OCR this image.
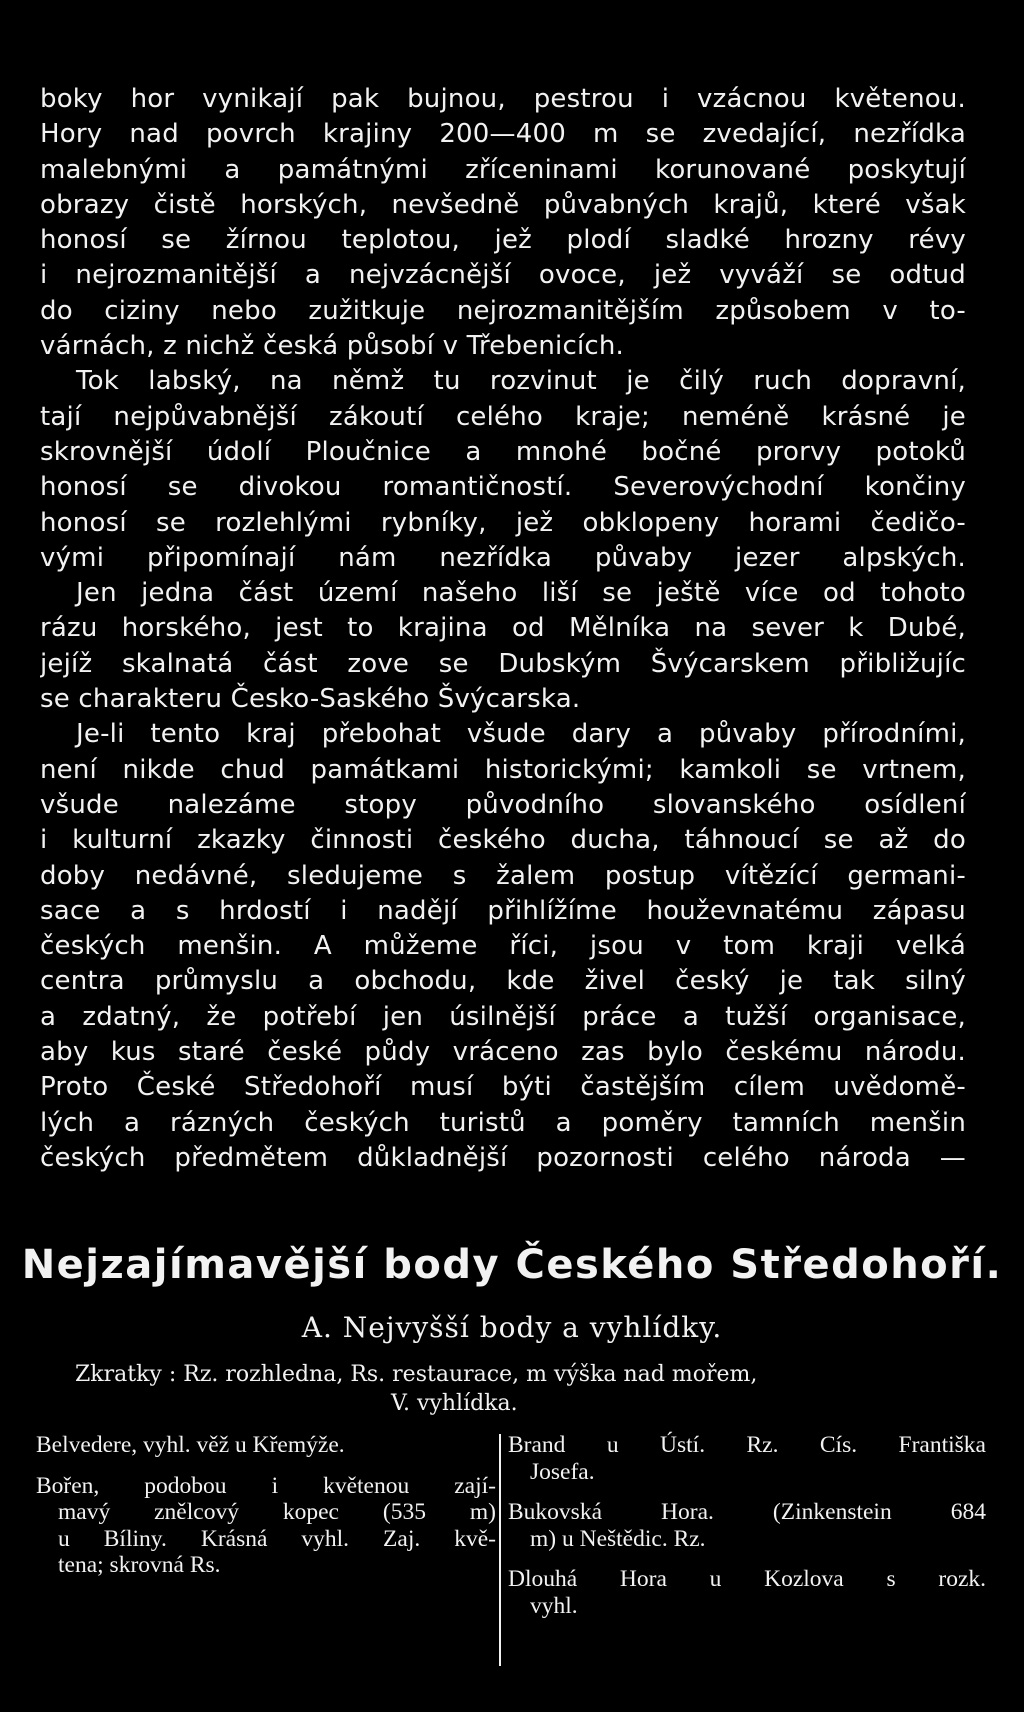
boky hor vynikají pak bujnou, pestrou i vzácnou květenou.
Hory nad povrch krajiny 200—400 m se zvedající, nezřídka
malebnými a památnými zříceninami korunované poskytují
obrazy čistě horských, nevšedně půvabných krajů, které však
honosí se žírnou teplotou, jež plodí sladké hrozny révy
i nejrozmanitější a nejvzácnější ovoce, jež vyváží se odtud
do ciziny nebo zužitkuje nejrozmanitějším způsobem v to-
várnách, z nichž česká působí v Třebenicích.
Tok labský, na němž tu rozvinut je čilý ruch dopravní,
tají nejpůvabnější zákoutí celého kraje; neméně krásné je
skrovnější údolí Ploučnice a mnohé bočné prorvy potoků
honosí se divokou romantičností. Severovýchodní končiny
honosí se rozlehlými rybníky, jež obklopeny horami čedičo-
vými připomínají nám nezřídka půvaby jezer alpských.
Jen jedna část území našeho liší se ještě více od tohoto
rázu horského, jest to krajina od Mělníka na sever k Dubé,
jejíž skalnatá část zove se Dubským Švýcarskem přibližujíc
se charakteru Česko-Saského Švýcarska.
Je-li tento kraj přebohat všude dary a půvaby přírodními,
není nikde chud památkami historickými; kamkoli se vrtnem,
všude nalezáme stopy původního slovanského osídlení
i kulturní zkazky činnosti českého ducha, táhnoucí se až do
doby nedávné, sledujeme s žalem postup vítězící germani-
sace a s hrdostí i nadějí přihlížíme houževnatému zápasu
českých menšin. A můžeme říci, jsou v tom kraji velká
centra průmyslu a obchodu, kde živel český je tak silný
a zdatný, že potřebí jen úsilnější práce a tužší organisace,
aby kus staré české půdy vráceno zas bylo českému národu.
Proto České Středohoří musí býti častějším cílem uvědomě-
lých a rázných českých turistů a poměry tamních menšin
českých předmětem důkladnější pozornosti celého národa —
Nejzajímavější body Českého Středohoří.
A. Nejvyšší body a vyhlídky.
Zkratky : Rz. rozhledna, Rs. restaurace, m výška nad mořem,
V. vyhlídka.
Belvedere, vyhl. věž u Křemýže.
Bořen, podobou i květenou zají-
mavý znělcový kopec (535 m)
u Bíliny. Krásná vyhl. Zaj. kvě-
tena; skrovná Rs.
Brand u Ústí. Rz. Cís. Františka
Josefa.
Bukovská Hora. (Zinkenstein 684
m) u Neštědic. Rz.
Dlouhá Hora u Kozlova s rozk.
vyhl.
